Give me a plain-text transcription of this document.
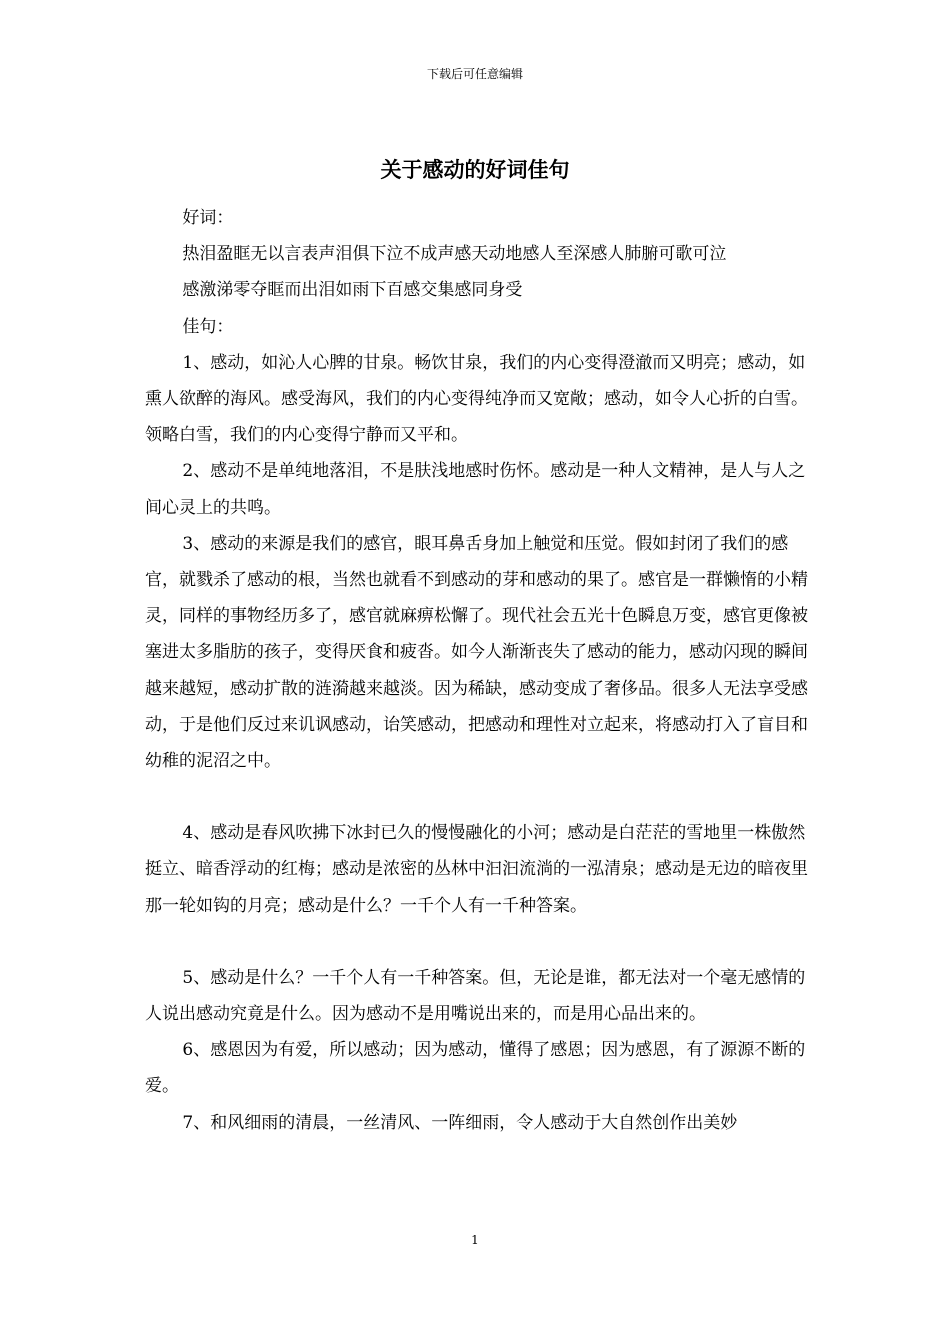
下载后可任意编辑
关于感动的好词佳句

好词：

热泪盈眶无以言表声泪俱下泣不成声感天动地感人至深感人肺腑可歌可泣

感激涕零夺眶而出泪如雨下百感交集感同身受

佳句：

1、感动，如沁人心脾的甘泉。畅饮甘泉，我们的内心变得澄澈而又明亮；感动，如熏人欲醉的海风。感受海风，我们的内心变得纯净而又宽敞；感动，如令人心折的白雪。领略白雪，我们的内心变得宁静而又平和。

2、感动不是单纯地落泪，不是肤浅地感时伤怀。感动是一种人文精神，是人与人之间心灵上的共鸣。

3、感动的来源是我们的感官，眼耳鼻舌身加上触觉和压觉。假如封闭了我们的感官，就戮杀了感动的根，当然也就看不到感动的芽和感动的果了。感官是一群懒惰的小精灵，同样的事物经历多了，感官就麻痹松懈了。现代社会五光十色瞬息万变，感官更像被塞进太多脂肪的孩子，变得厌食和疲沓。如今人渐渐丧失了感动的能力，感动闪现的瞬间越来越短，感动扩散的涟漪越来越淡。因为稀缺，感动变成了奢侈品。很多人无法享受感动，于是他们反过来讥讽感动，诒笑感动，把感动和理性对立起来，将感动打入了盲目和幼稚的泥沼之中。

4、感动是春风吹拂下冰封已久的慢慢融化的小河；感动是白茫茫的雪地里一株傲然挺立、暗香浮动的红梅；感动是浓密的丛林中汩汩流淌的一泓清泉；感动是无边的暗夜里那一轮如钩的月亮；感动是什么？一千个人有一千种答案。

5、感动是什么？一千个人有一千种答案。但，无论是谁，都无法对一个毫无感情的人说出感动究竟是什么。因为感动不是用嘴说出来的，而是用心品出来的。

6、感恩因为有爱，所以感动；因为感动，懂得了感恩；因为感恩，有了源源不断的爱。

7、和风细雨的清晨，一丝清风、一阵细雨，令人感动于大自然创作出美妙

1
